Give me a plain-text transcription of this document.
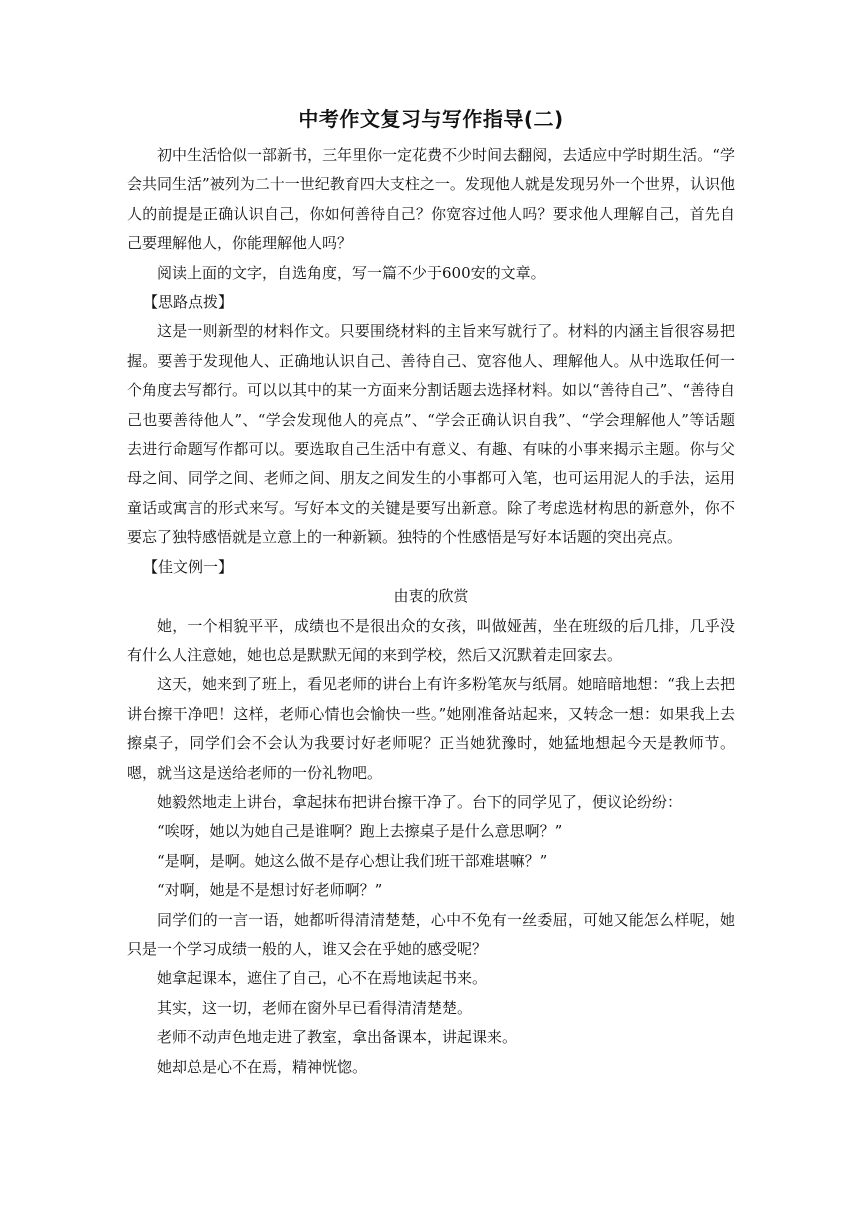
中考作文复习与写作指导(二)

初中生活恰似一部新书，三年里你一定花费不少时间去翻阅，去适应中学时期生活。“学会共同生活”被列为二十一世纪教育四大支柱之一。发现他人就是发现另外一个世界，认识他人的前提是正确认识自己，你如何善待自己？你宽容过他人吗？要求他人理解自己，首先自己要理解他人，你能理解他人吗？

阅读上面的文字，自选角度，写一篇不少于600安的文章。

【思路点拨】

这是一则新型的材料作文。只要围绕材料的主旨来写就行了。材料的内涵主旨很容易把握。要善于发现他人、正确地认识自己、善待自己、宽容他人、理解他人。从中选取任何一个角度去写都行。可以以其中的某一方面来分割话题去选择材料。如以“善待自己”、“善待自己也要善待他人”、“学会发现他人的亮点”、“学会正确认识自我”、“学会理解他人”等话题去进行命题写作都可以。要选取自己生活中有意义、有趣、有味的小事来揭示主题。你与父母之间、同学之间、老师之间、朋友之间发生的小事都可入笔，也可运用泥人的手法，运用童话或寓言的形式来写。写好本文的关键是要写出新意。除了考虑选材构思的新意外，你不要忘了独特感悟就是立意上的一种新颖。独特的个性感悟是写好本话题的突出亮点。

【佳文例一】

由衷的欣赏

她，一个相貌平平，成绩也不是很出众的女孩，叫做娅茜，坐在班级的后几排，几乎没有什么人注意她，她也总是默默无闻的来到学校，然后又沉默着走回家去。

这天，她来到了班上，看见老师的讲台上有许多粉笔灰与纸屑。她暗暗地想：“我上去把讲台擦干净吧！这样，老师心情也会愉快一些。”她刚准备站起来，又转念一想：如果我上去擦桌子，同学们会不会认为我要讨好老师呢？正当她犹豫时，她猛地想起今天是教师节。嗯，就当这是送给老师的一份礼物吧。

她毅然地走上讲台，拿起抹布把讲台擦干净了。台下的同学见了，便议论纷纷：

“唉呀，她以为她自己是谁啊？跑上去擦桌子是什么意思啊？”

“是啊，是啊。她这么做不是存心想让我们班干部难堪嘛？”

“对啊，她是不是想讨好老师啊？”

同学们的一言一语，她都听得清清楚楚，心中不免有一丝委屈，可她又能怎么样呢，她只是一个学习成绩一般的人，谁又会在乎她的感受呢？

她拿起课本，遮住了自己，心不在焉地读起书来。

其实，这一切，老师在窗外早已看得清清楚楚。

老师不动声色地走进了教室，拿出备课本，讲起课来。

她却总是心不在焉，精神恍惚。
